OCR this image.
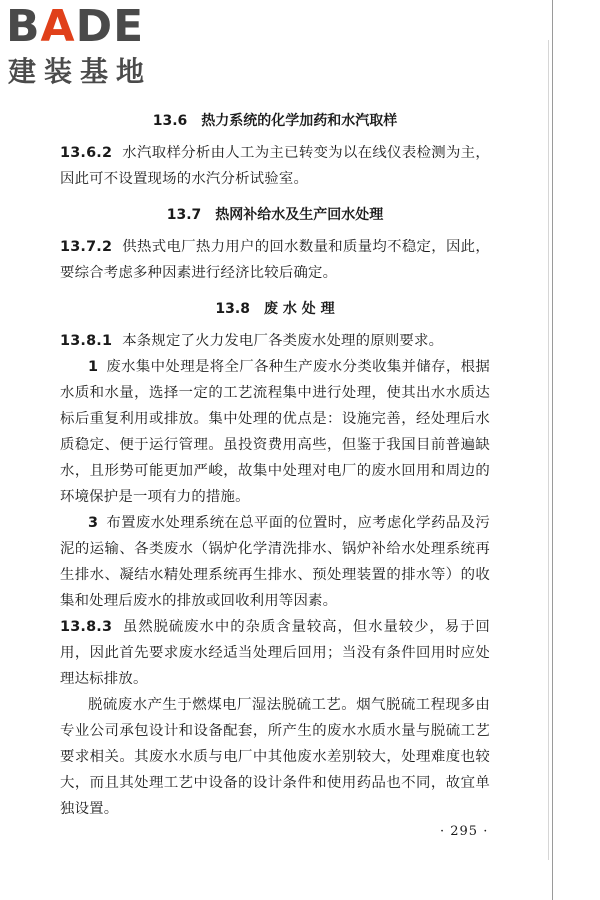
BADE
建装基地
13.6　热力系统的化学加药和水汽取样

13.6.2 水汽取样分析由人工为主已转变为以在线仪表检测为主，因此可不设置现场的水汽分析试验室。

13.7　热网补给水及生产回水处理

13.7.2 供热式电厂热力用户的回水数量和质量均不稳定，因此，要综合考虑多种因素进行经济比较后确定。

13.8　废 水 处 理

13.8.1 本条规定了火力发电厂各类废水处理的原则要求。

1 废水集中处理是将全厂各种生产废水分类收集并储存，根据水质和水量，选择一定的工艺流程集中进行处理，使其出水水质达标后重复利用或排放。集中处理的优点是：设施完善，经处理后水质稳定、便于运行管理。虽投资费用高些，但鉴于我国目前普遍缺水，且形势可能更加严峻，故集中处理对电厂的废水回用和周边的环境保护是一项有力的措施。

3 布置废水处理系统在总平面的位置时，应考虑化学药品及污泥的运输、各类废水（锅炉化学清洗排水、锅炉补给水处理系统再生排水、凝结水精处理系统再生排水、预处理装置的排水等）的收集和处理后废水的排放或回收利用等因素。

13.8.3 虽然脱硫废水中的杂质含量较高，但水量较少，易于回用，因此首先要求废水经适当处理后回用；当没有条件回用时应处理达标排放。

脱硫废水产生于燃煤电厂湿法脱硫工艺。烟气脱硫工程现多由专业公司承包设计和设备配套，所产生的废水水质水量与脱硫工艺要求相关。其废水水质与电厂中其他废水差别较大，处理难度也较大，而且其处理工艺中设备的设计条件和使用药品也不同，故宜单独设置。

· 295 ·
